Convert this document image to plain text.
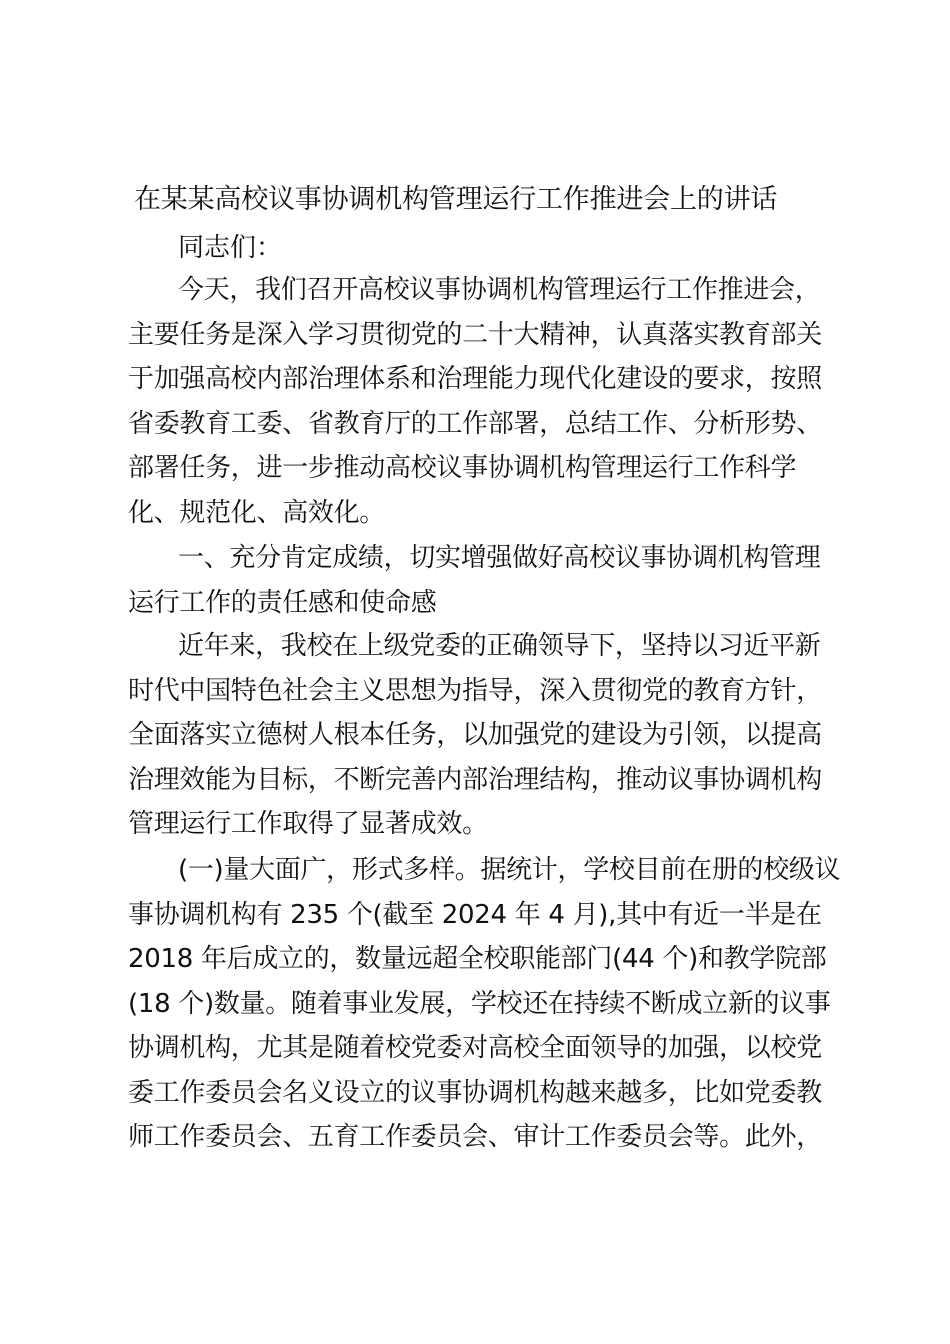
在某某高校议事协调机构管理运行工作推进会上的讲话
同志们：
今天，我们召开高校议事协调机构管理运行工作推进会，
主要任务是深入学习贯彻党的二十大精神，认真落实教育部关
于加强高校内部治理体系和治理能力现代化建设的要求，按照
省委教育工委、省教育厅的工作部署，总结工作、分析形势、
部署任务，进一步推动高校议事协调机构管理运行工作科学
化、规范化、高效化。
一、充分肯定成绩，切实增强做好高校议事协调机构管理
运行工作的责任感和使命感
近年来，我校在上级党委的正确领导下，坚持以习近平新
时代中国特色社会主义思想为指导，深入贯彻党的教育方针，
全面落实立德树人根本任务，以加强党的建设为引领，以提高
治理效能为目标，不断完善内部治理结构，推动议事协调机构
管理运行工作取得了显著成效。
(一)量大面广，形式多样。据统计，学校目前在册的校级议
事协调机构有 235 个(截至 2024 年 4 月),其中有近一半是在
2018 年后成立的，数量远超全校职能部门(44 个)和教学院部
(18 个)数量。随着事业发展，学校还在持续不断成立新的议事
协调机构，尤其是随着校党委对高校全面领导的加强，以校党
委工作委员会名义设立的议事协调机构越来越多，比如党委教
师工作委员会、五育工作委员会、审计工作委员会等。此外，
